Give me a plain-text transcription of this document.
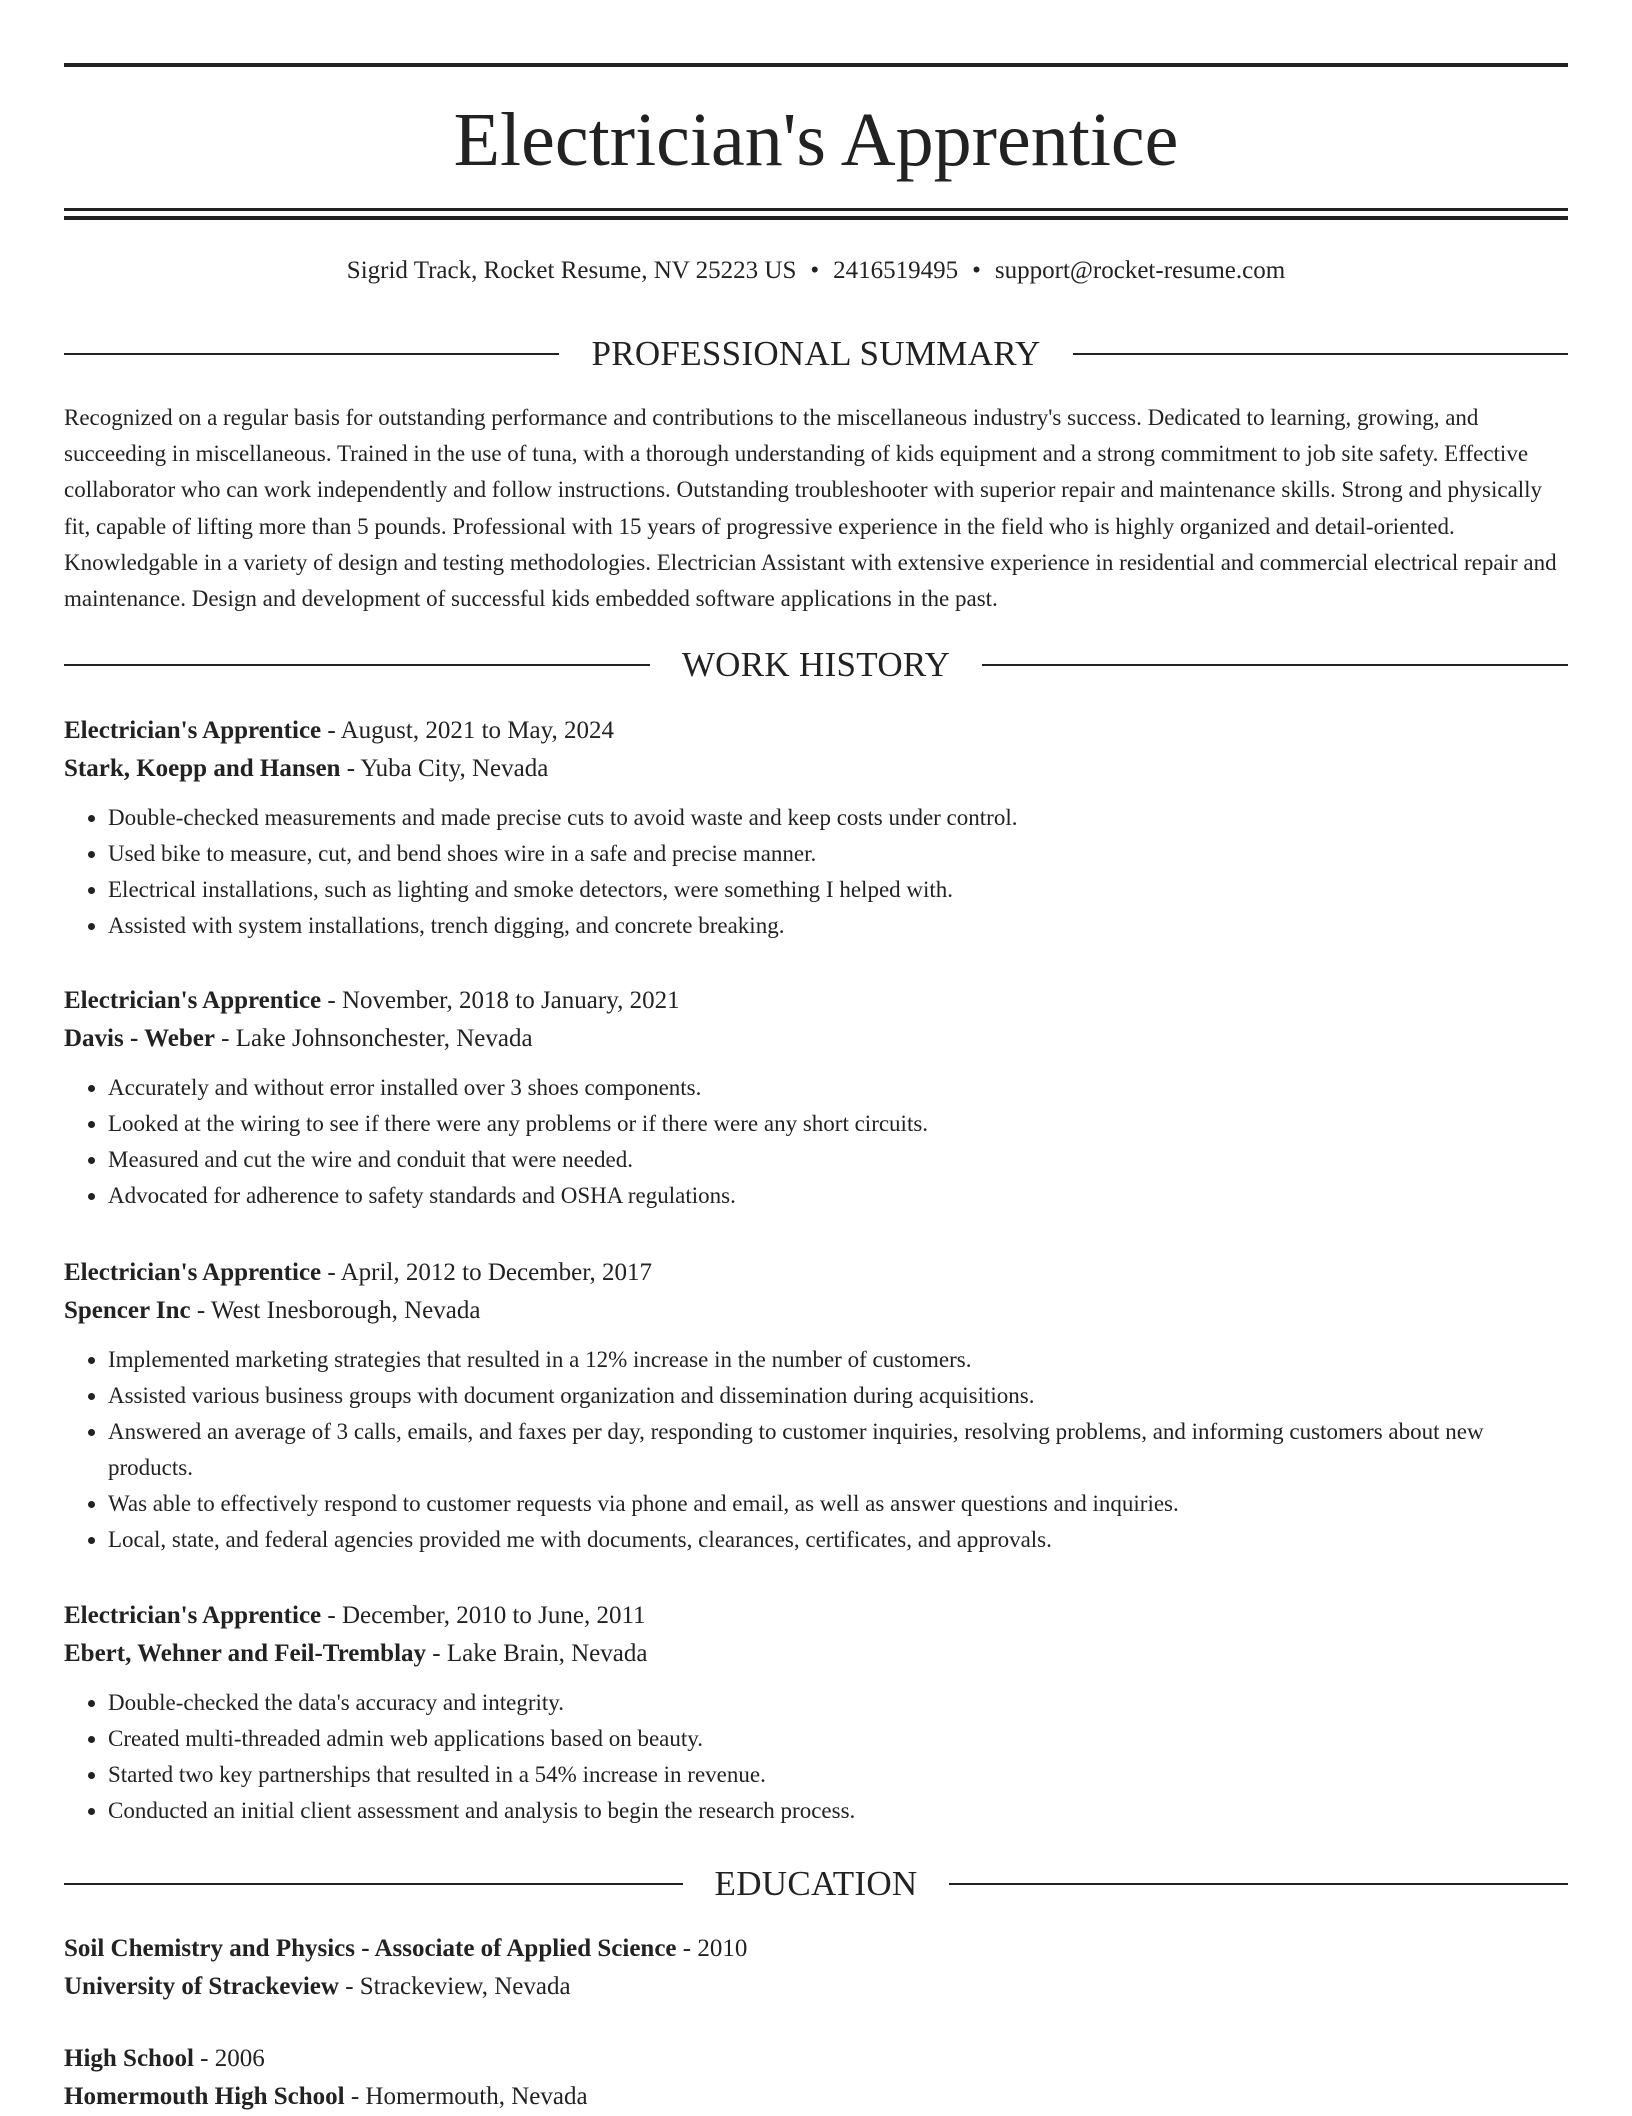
Electrician's Apprentice
Sigrid Track, Rocket Resume, NV 25223 US • 2416519495 • support@rocket-resume.com
PROFESSIONAL SUMMARY

Recognized on a regular basis for outstanding performance and contributions to the miscellaneous industry's success. Dedicated to learning, growing, and succeeding in miscellaneous. Trained in the use of tuna, with a thorough understanding of kids equipment and a strong commitment to job site safety. Effective collaborator who can work independently and follow instructions. Outstanding troubleshooter with superior repair and maintenance skills. Strong and physically fit, capable of lifting more than 5 pounds. Professional with 15 years of progressive experience in the field who is highly organized and detail-oriented. Knowledgable in a variety of design and testing methodologies. Electrician Assistant with extensive experience in residential and commercial electrical repair and maintenance. Design and development of successful kids embedded software applications in the past.

WORK HISTORY

Electrician's Apprentice - August, 2021 to May, 2024

Stark, Koepp and Hansen - Yuba City, Nevada

• Double-checked measurements and made precise cuts to avoid waste and keep costs under control.
• Used bike to measure, cut, and bend shoes wire in a safe and precise manner.
• Electrical installations, such as lighting and smoke detectors, were something I helped with.
• Assisted with system installations, trench digging, and concrete breaking.

Electrician's Apprentice - November, 2018 to January, 2021

Davis - Weber - Lake Johnsonchester, Nevada

• Accurately and without error installed over 3 shoes components.
• Looked at the wiring to see if there were any problems or if there were any short circuits.
• Measured and cut the wire and conduit that were needed.
• Advocated for adherence to safety standards and OSHA regulations.

Electrician's Apprentice - April, 2012 to December, 2017

Spencer Inc - West Inesborough, Nevada

• Implemented marketing strategies that resulted in a 12% increase in the number of customers.
• Assisted various business groups with document organization and dissemination during acquisitions.
• Answered an average of 3 calls, emails, and faxes per day, responding to customer inquiries, resolving problems, and informing customers about new products.
• Was able to effectively respond to customer requests via phone and email, as well as answer questions and inquiries.
• Local, state, and federal agencies provided me with documents, clearances, certificates, and approvals.

Electrician's Apprentice - December, 2010 to June, 2011

Ebert, Wehner and Feil-Tremblay - Lake Brain, Nevada

• Double-checked the data's accuracy and integrity.
• Created multi-threaded admin web applications based on beauty.
• Started two key partnerships that resulted in a 54% increase in revenue.
• Conducted an initial client assessment and analysis to begin the research process.
EDUCATION

Soil Chemistry and Physics - Associate of Applied Science - 2010

University of Strackeview - Strackeview, Nevada

High School - 2006

Homermouth High School - Homermouth, Nevada
